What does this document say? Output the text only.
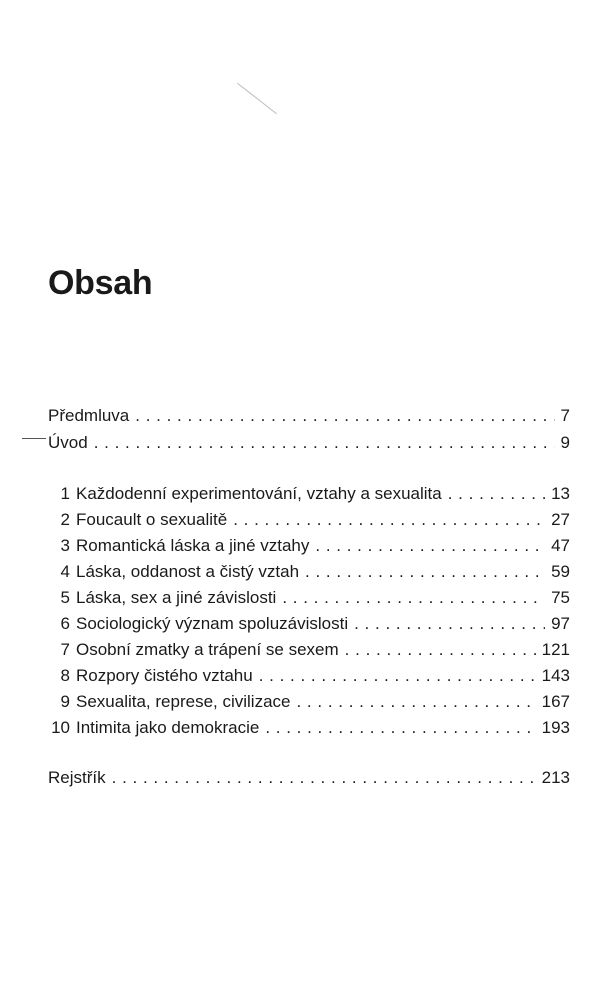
Obsah
Předmluva . . .	7
Úvod . . .	9
1 Každodenní experimentování, vztahy a sexualita . . .	13
2 Foucault o sexualitě . . .	27
3 Romantická láska a jiné vztahy . . .	47
4 Láska, oddanost a čistý vztah . . .	59
5 Láska, sex a jiné závislosti . . .	75
6 Sociologický význam spoluzávislosti . . .	97
7 Osobní zmatky a trápení se sexem . . .	121
8 Rozpory čistého vztahu . . .	143
9 Sexualita, represe, civilizace . . .	167
10 Intimita jako demokracie . . .	193
Rejstřík . . .	213
